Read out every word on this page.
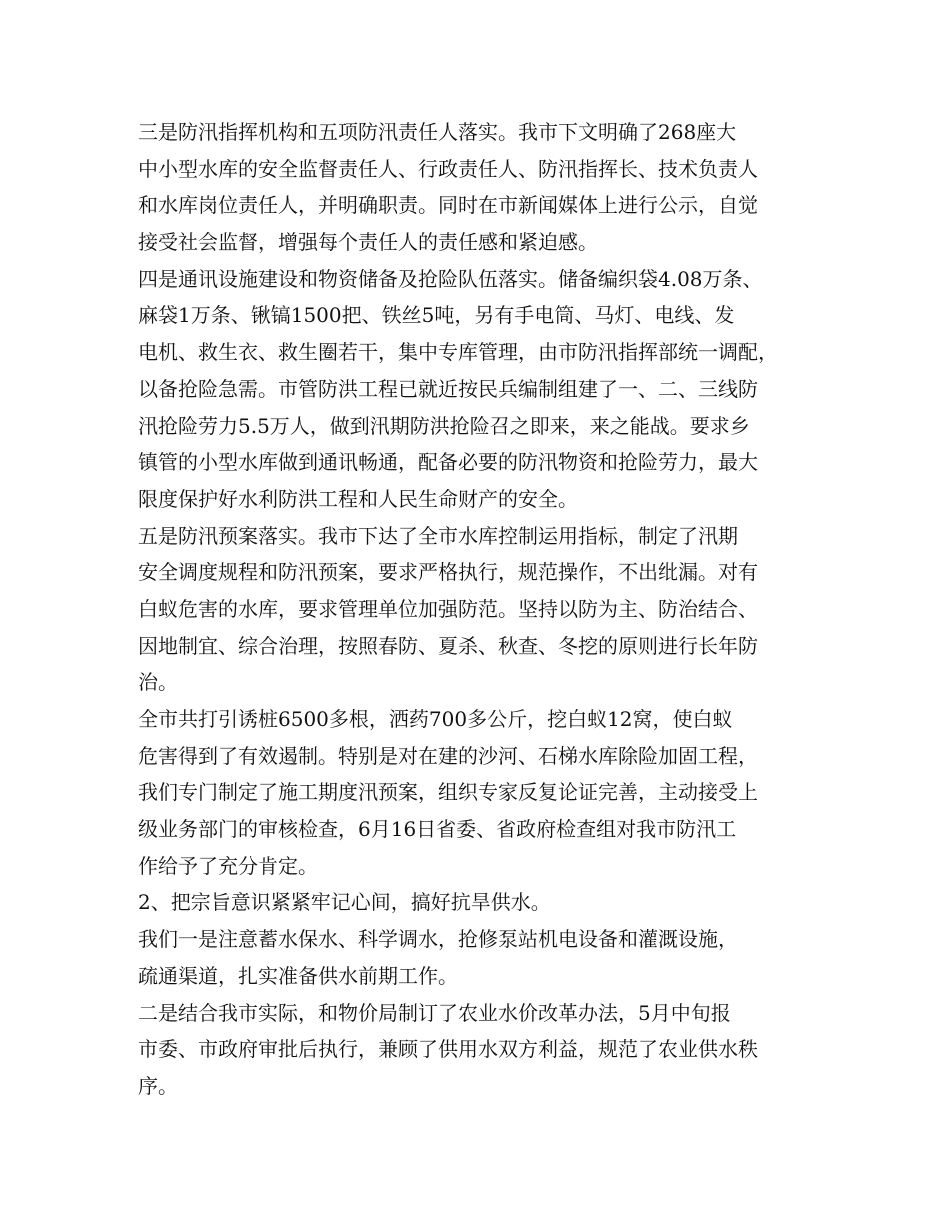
三是防汛指挥机构和五项防汛责任人落实。我市下文明确了268座大
中小型水库的安全监督责任人、行政责任人、防汛指挥长、技术负责人
和水库岗位责任人，并明确职责。同时在市新闻媒体上进行公示，自觉
接受社会监督，增强每个责任人的责任感和紧迫感。
四是通讯设施建设和物资储备及抢险队伍落实。储备编织袋4.08万条、
麻袋1万条、锹镐1500把、铁丝5吨，另有手电筒、马灯、电线、发
电机、救生衣、救生圈若干，集中专库管理，由市防汛指挥部统一调配，
以备抢险急需。市管防洪工程已就近按民兵编制组建了一、二、三线防
汛抢险劳力5.5万人，做到汛期防洪抢险召之即来，来之能战。要求乡
镇管的小型水库做到通讯畅通，配备必要的防汛物资和抢险劳力，最大
限度保护好水利防洪工程和人民生命财产的安全。
五是防汛预案落实。我市下达了全市水库控制运用指标，制定了汛期
安全调度规程和防汛预案，要求严格执行，规范操作，不出纰漏。对有
白蚁危害的水库，要求管理单位加强防范。坚持以防为主、防治结合、
因地制宜、综合治理，按照春防、夏杀、秋查、冬挖的原则进行长年防
治。
全市共打引诱桩6500多根，洒药700多公斤，挖白蚁12窝，使白蚁
危害得到了有效遏制。特别是对在建的沙河、石梯水库除险加固工程，
我们专门制定了施工期度汛预案，组织专家反复论证完善，主动接受上
级业务部门的审核检查，6月16日省委、省政府检查组对我市防汛工
作给予了充分肯定。
2、把宗旨意识紧紧牢记心间，搞好抗旱供水。
我们一是注意蓄水保水、科学调水，抢修泵站机电设备和灌溉设施，
疏通渠道，扎实准备供水前期工作。
二是结合我市实际，和物价局制订了农业水价改革办法，5月中旬报
市委、市政府审批后执行，兼顾了供用水双方利益，规范了农业供水秩
序。
